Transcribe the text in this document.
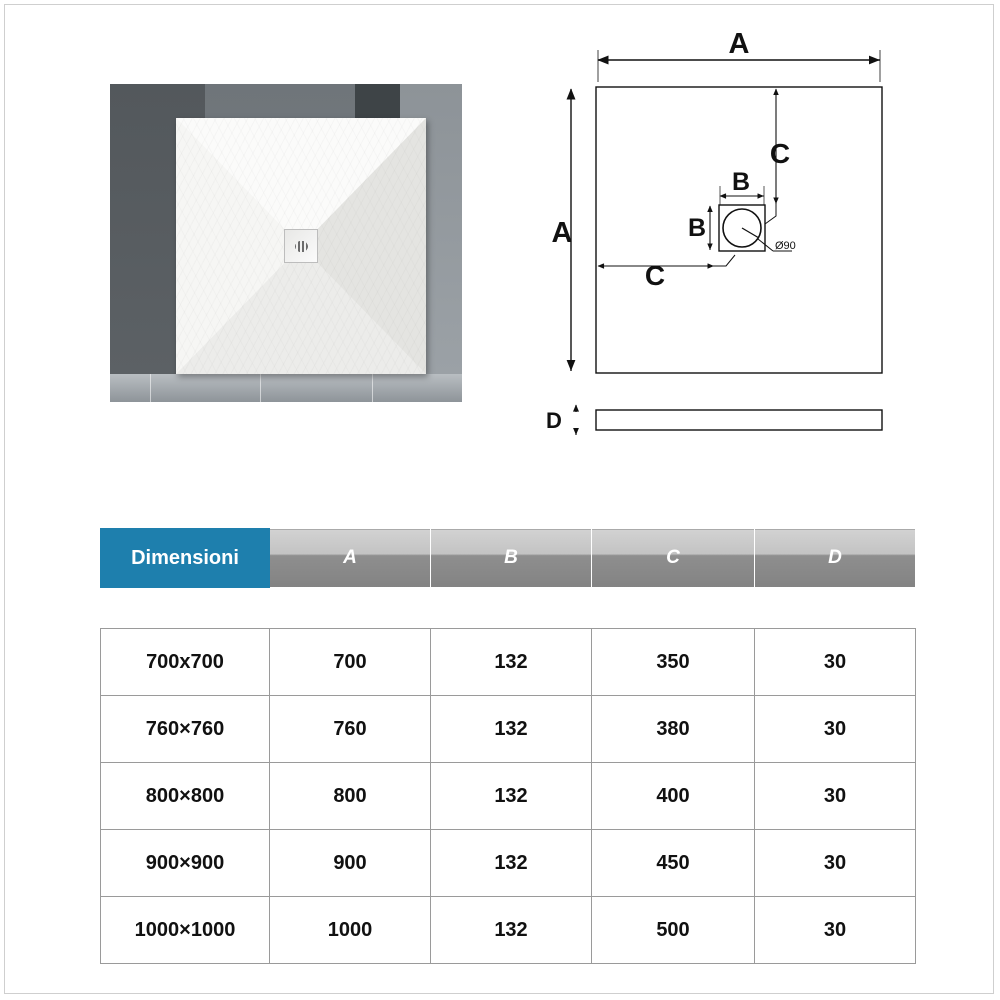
A
A	Ø90
B
B
C
C
D
Dimensioni	A	B	C	D

700x700	700	132	350	30
760×760	760	132	380	30
800×800	800	132	400	30
900×900	900	132	450	30
1000×1000	1000	132	500	30
